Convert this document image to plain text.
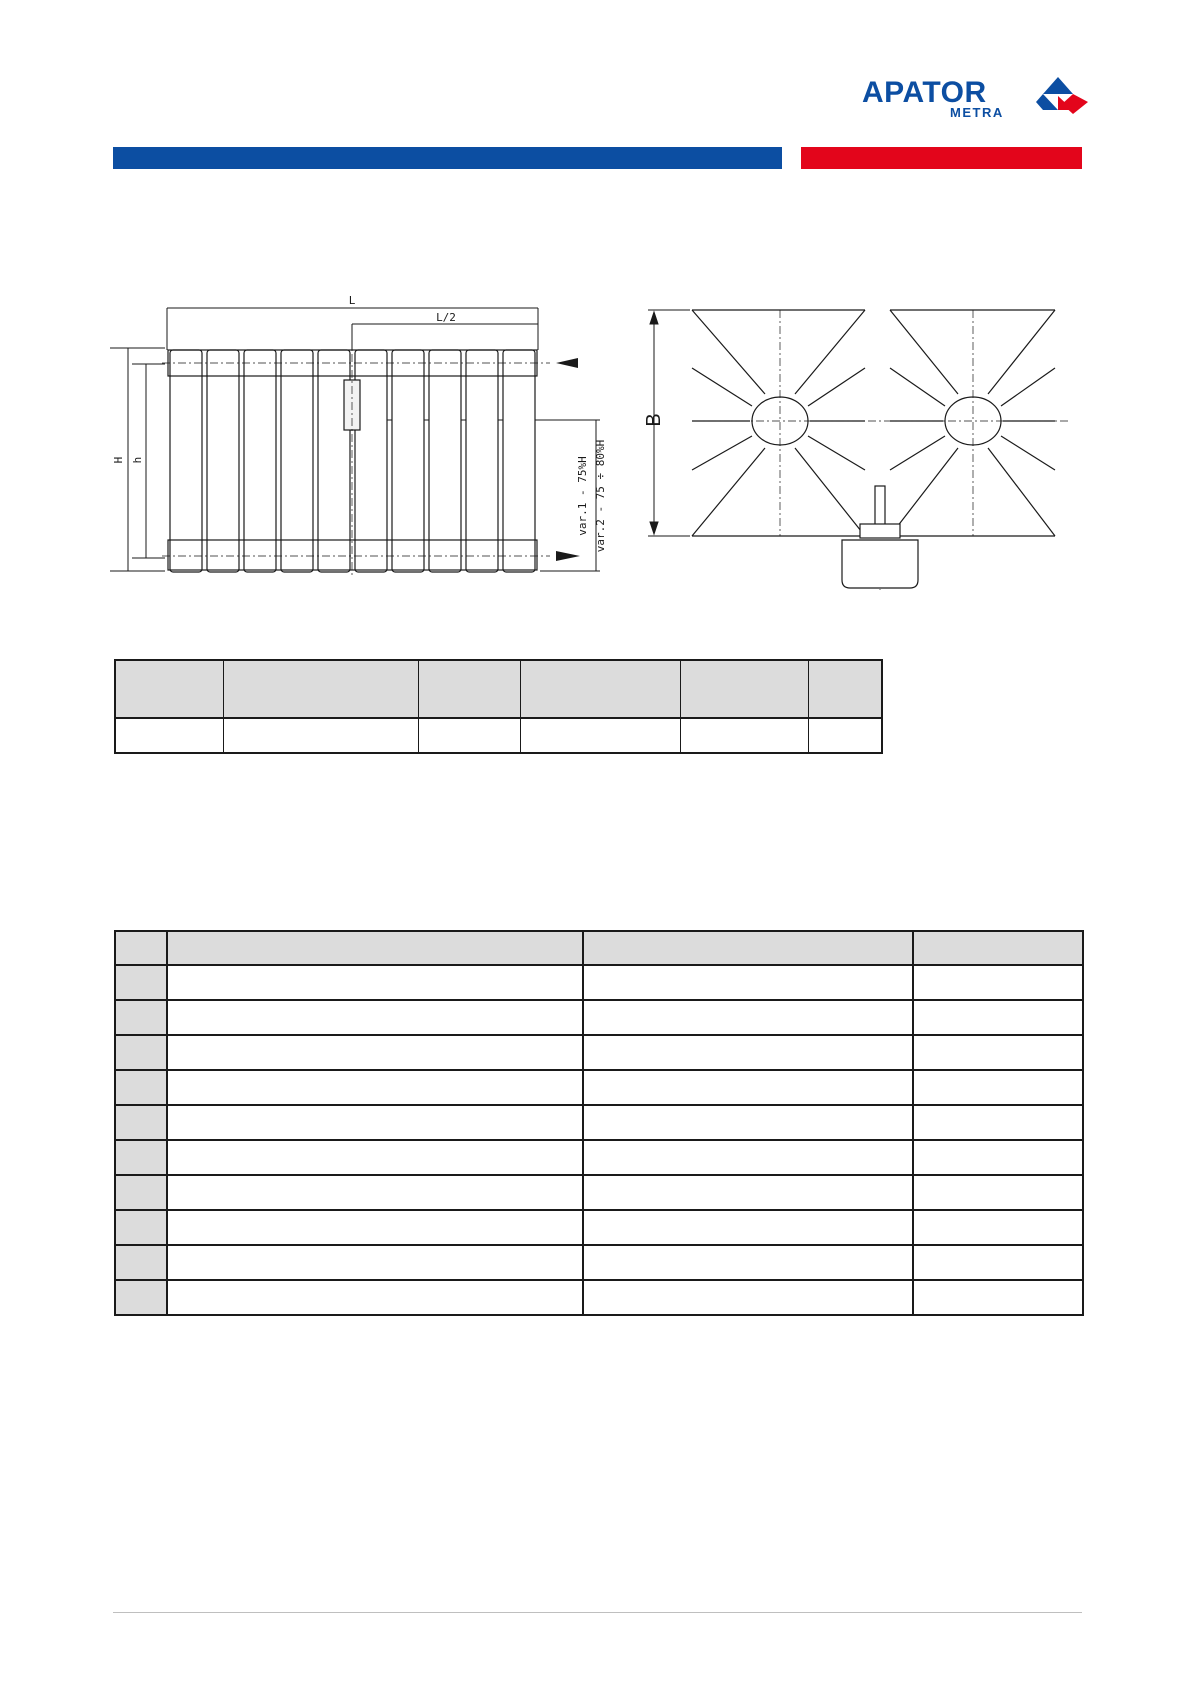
APATOR
METRA
L
L/2
H h	var.1 - 75%H var.2 - 75 ÷ 80%H
B
